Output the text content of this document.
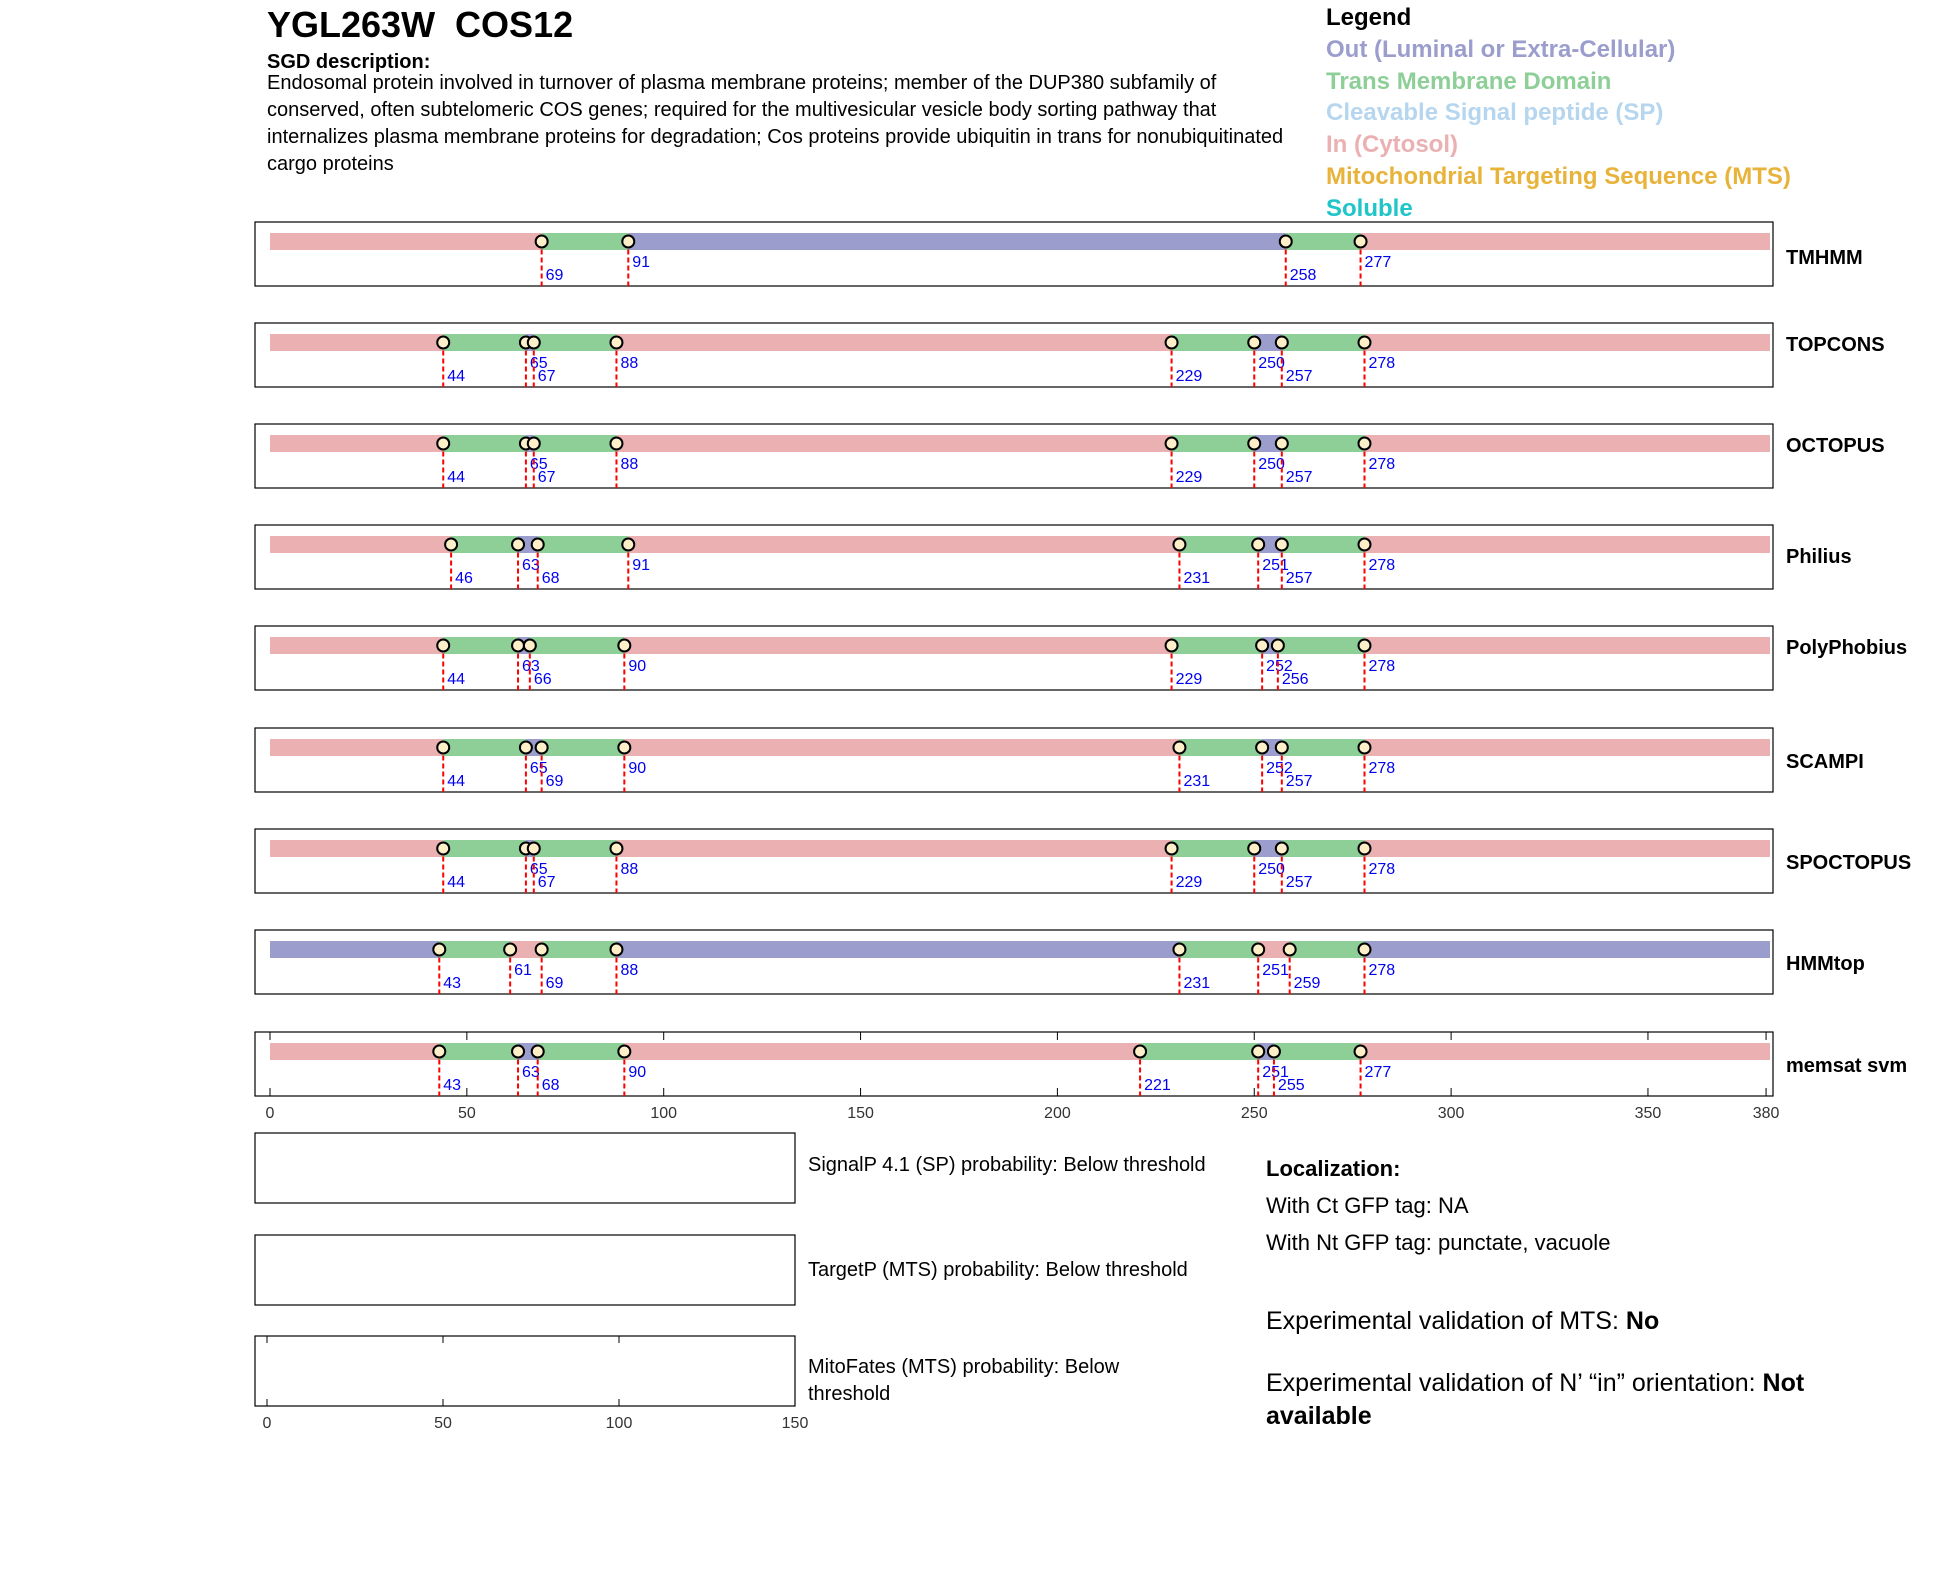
YGL263W  COS12
SGD description:
Endosomal protein involved in turnover of plasma membrane proteins; member of the DUP380 subfamily of conserved, often subtelomeric COS genes; required for the multivesicular vesicle body sorting pathway that internalizes plasma membrane proteins for degradation; Cos proteins provide ubiquitin in trans for nonubiquitinated cargo proteins
Legend
Out (Luminal or Extra-Cellular)
Trans Membrane Domain
Cleavable Signal peptide (SP)
In (Cytosol)
Mitochondrial Targeting Sequence (MTS)
Soluble
69
91
258
277	TMHMM
44
65
67
88
229
250
257
278
TOPCONS
44
65
67
88
229
250
257
278
OCTOPUS
46
63
68
91
231
251
257
278	Philius
44
63
66
90
229
252
256
278
PolyPhobius
44
65
69
90
231
252
257
278	SCAMPI
44
65
67
88
229
250
257
278	SPOCTOPUS
43
61
69
88
231
251
259
278	HMMtop
43
63
68
90
221
251
255
277	memsat svm
0	50	100	150	200	250	300	350	380
0	50	100	150
SignalP 4.1 (SP) probability: Below threshold
TargetP (MTS) probability: Below threshold
MitoFates (MTS) probability: Below threshold
Localization:
With Ct GFP tag: NA
With Nt GFP tag: punctate, vacuole
Experimental validation of MTS: No
Experimental validation of N’ “in” orientation: Not available
